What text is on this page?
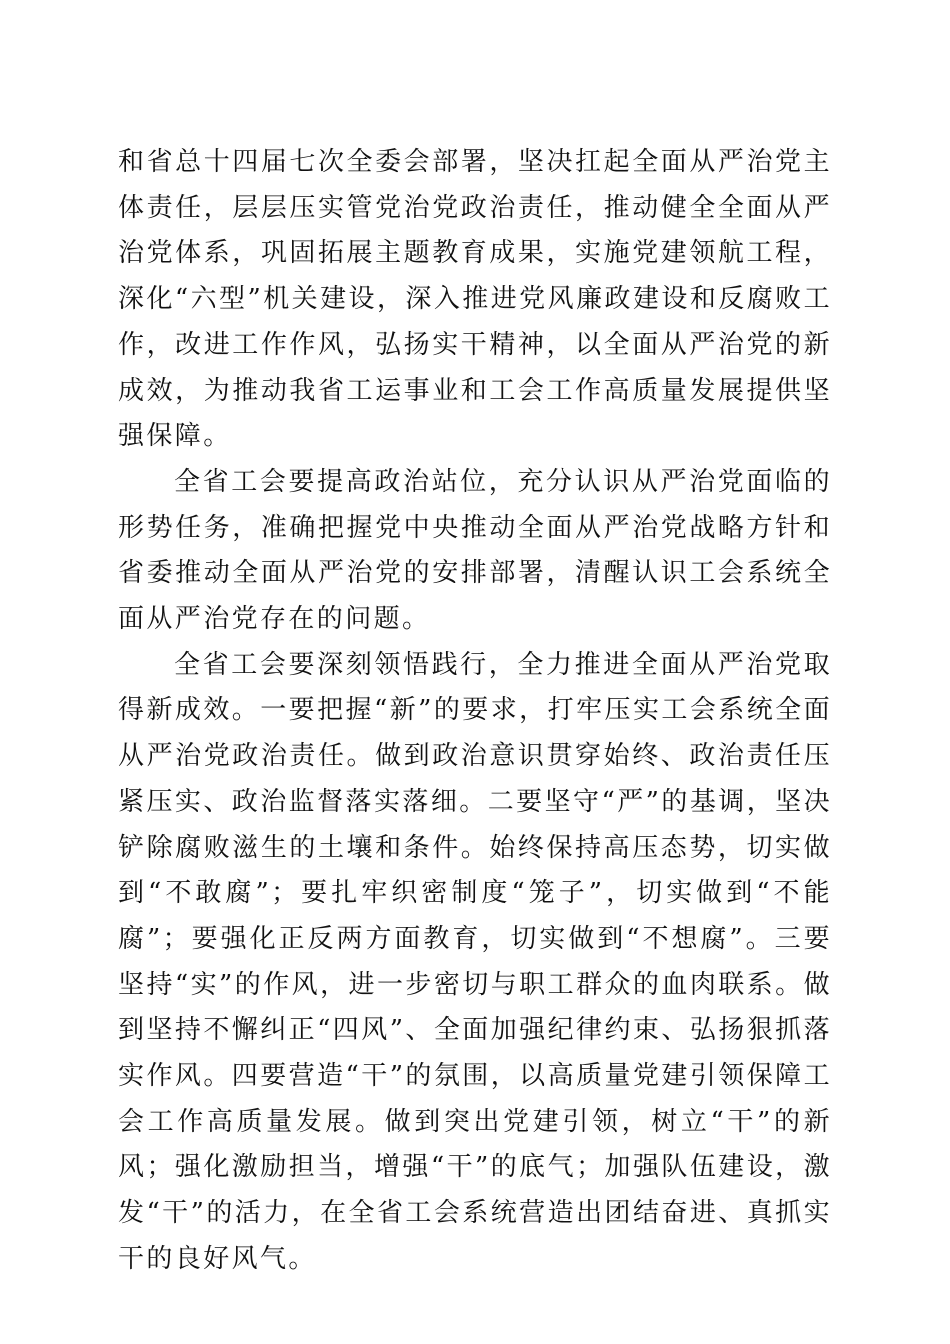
和省总十四届七次全委会部署，坚决扛起全面从严治党主体责任，层层压实管党治党政治责任，推动健全全面从严治党体系，巩固拓展主题教育成果，实施党建领航工程，深化“六型”机关建设，深入推进党风廉政建设和反腐败工作，改进工作作风，弘扬实干精神，以全面从严治党的新成效，为推动我省工运事业和工会工作高质量发展提供坚强保障。

全省工会要提高政治站位，充分认识从严治党面临的形势任务，准确把握党中央推动全面从严治党战略方针和省委推动全面从严治党的安排部署，清醒认识工会系统全面从严治党存在的问题。

全省工会要深刻领悟践行，全力推进全面从严治党取得新成效。一要把握“新”的要求，打牢压实工会系统全面从严治党政治责任。做到政治意识贯穿始终、政治责任压紧压实、政治监督落实落细。二要坚守“严”的基调，坚决铲除腐败滋生的土壤和条件。始终保持高压态势，切实做到“不敢腐”；要扎牢织密制度“笼子”，切实做到“不能腐”；要强化正反两方面教育，切实做到“不想腐”。三要坚持“实”的作风，进一步密切与职工群众的血肉联系。做到坚持不懈纠正“四风”、全面加强纪律约束、弘扬狠抓落实作风。四要营造“干”的氛围，以高质量党建引领保障工会工作高质量发展。做到突出党建引领，树立“干”的新风；强化激励担当，增强“干”的底气；加强队伍建设，激发“干”的活力，在全省工会系统营造出团结奋进、真抓实干的良好风气。
